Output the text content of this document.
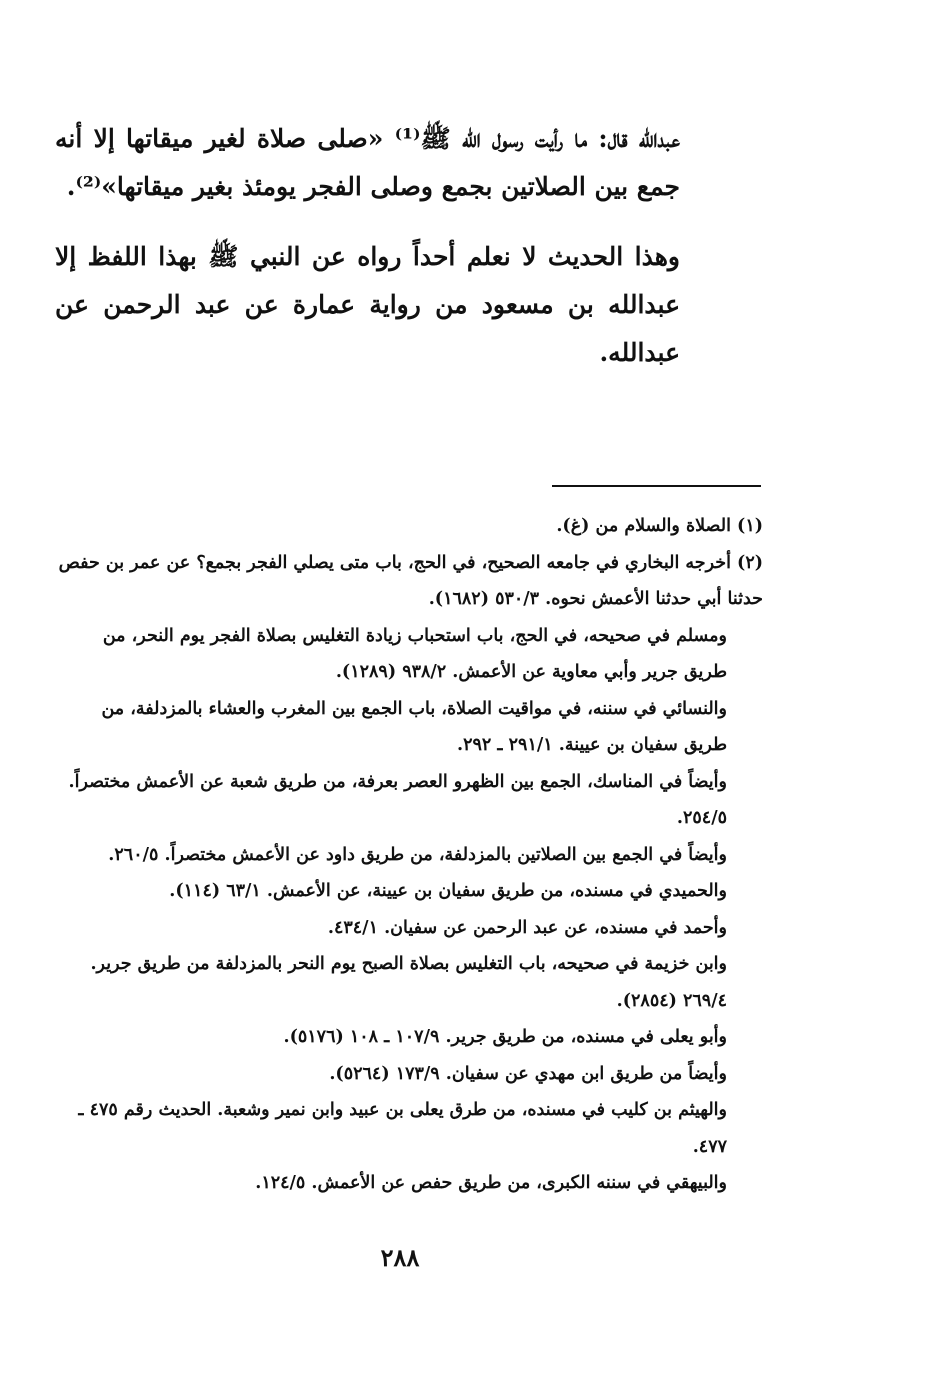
عبدالله قال: ما رأيت رسول الله ﷺ⁽¹⁾ «صلى صلاة لغير ميقاتها إلا أنه جمع بين الصلاتين بجمع وصلى الفجر يومئذ بغير ميقاتها»⁽²⁾.

وهذا الحديث لا نعلم أحداً رواه عن النبي ﷺ بهذا اللفظ إلا عبدالله بن مسعود من رواية عمارة عن عبد الرحمن عن عبدالله.

(١) الصلاة والسلام من (غ).

(٢) أخرجه البخاري في جامعه الصحيح، في الحج، باب متى يصلي الفجر بجمع؟ عن عمر بن حفص حدثنا أبي حدثنا الأعمش نحوه. ٥٣٠/٣ (١٦٨٢).

ومسلم في صحيحه، في الحج، باب استحباب زيادة التغليس بصلاة الفجر يوم النحر، من طريق جرير وأبي معاوية عن الأعمش. ٩٣٨/٢ (١٢٨٩).

والنسائي في سننه، في مواقيت الصلاة، باب الجمع بين المغرب والعشاء بالمزدلفة، من طريق سفيان بن عيينة. ٢٩١/١ ـ ٢٩٢.

وأيضاً في المناسك، الجمع بين الظهرو العصر بعرفة، من طريق شعبة عن الأعمش مختصراً. ٢٥٤/٥.

وأيضاً في الجمع بين الصلاتين بالمزدلفة، من طريق داود عن الأعمش مختصراً. ٢٦٠/٥.

والحميدي في مسنده، من طريق سفيان بن عيينة، عن الأعمش. ٦٣/١ (١١٤).

وأحمد في مسنده، عن عبد الرحمن عن سفيان. ٤٣٤/١.

وابن خزيمة في صحيحه، باب التغليس بصلاة الصبح يوم النحر بالمزدلفة من طريق جرير. ٢٦٩/٤ (٢٨٥٤).

وأبو يعلى في مسنده، من طريق جرير. ١٠٧/٩ ـ ١٠٨ (٥١٧٦).

وأيضاً من طريق ابن مهدي عن سفيان. ١٧٣/٩ (٥٢٦٤).

والهيثم بن كليب في مسنده، من طرق يعلى بن عبيد وابن نمير وشعبة. الحديث رقم ٤٧٥ ـ ٤٧٧.

والبيهقي في سننه الكبرى، من طريق حفص عن الأعمش. ١٢٤/٥.

٢٨٨
